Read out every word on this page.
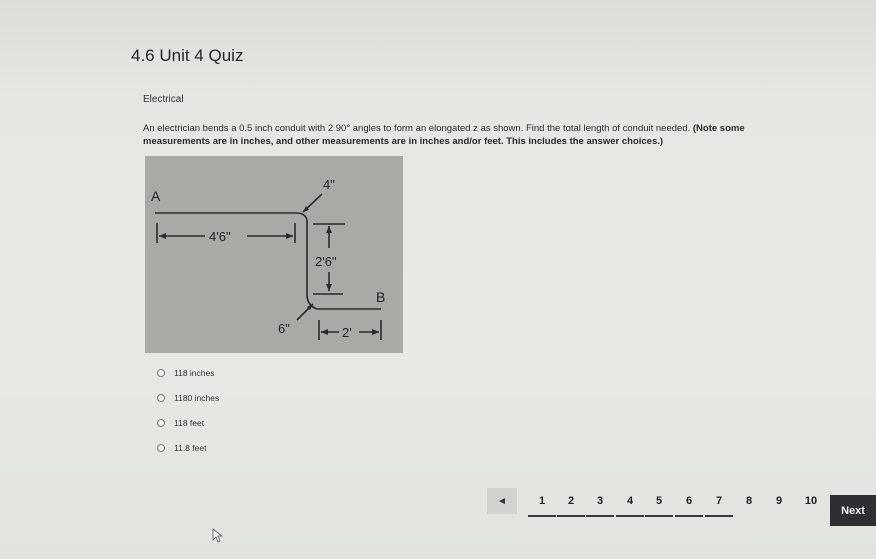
4.6 Unit 4 Quiz
Electrical
An electrician bends a 0.5 inch conduit with 2 90° angles to form an elongated z as shown. Find the total length of conduit needed. (Note some measurements are in inches, and other measurements are in inches and/or feet. This includes the answer choices.)
A
B
4'6"
4"
2'6"
6"	2'
118 inches
1180 inches
118 feet
11.8 feet
◄	1 2 3 4 5 6 7 8 9 10
Next
